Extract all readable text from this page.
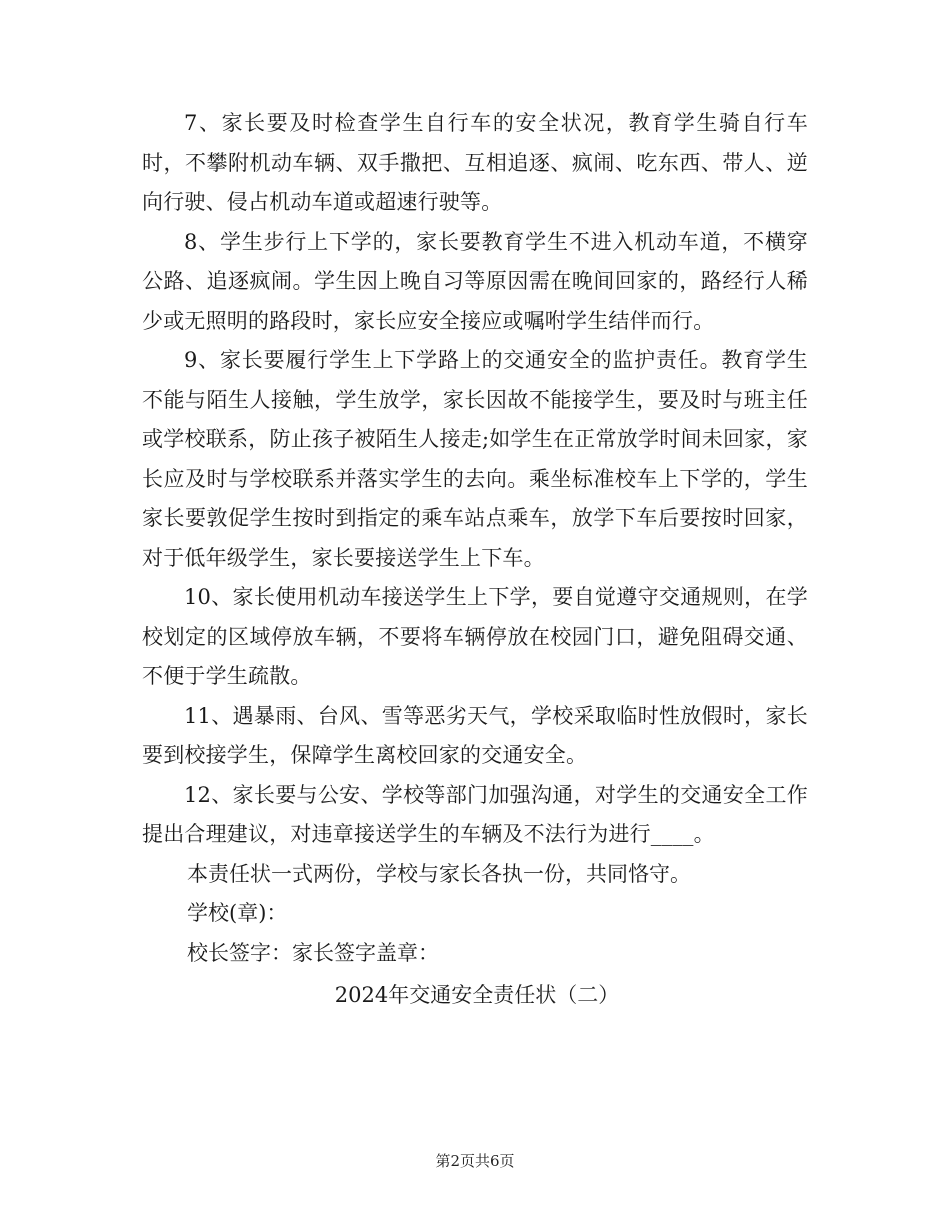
7、家长要及时检查学生自行车的安全状况，教育学生骑自行车时，不攀附机动车辆、双手撒把、互相追逐、疯闹、吃东西、带人、逆向行驶、侵占机动车道或超速行驶等。

8、学生步行上下学的，家长要教育学生不进入机动车道，不横穿公路、追逐疯闹。学生因上晚自习等原因需在晚间回家的，路经行人稀少或无照明的路段时，家长应安全接应或嘱咐学生结伴而行。

9、家长要履行学生上下学路上的交通安全的监护责任。教育学生不能与陌生人接触，学生放学，家长因故不能接学生，要及时与班主任或学校联系，防止孩子被陌生人接走;如学生在正常放学时间未回家，家长应及时与学校联系并落实学生的去向。乘坐标准校车上下学的，学生家长要敦促学生按时到指定的乘车站点乘车，放学下车后要按时回家，对于低年级学生，家长要接送学生上下车。

10、家长使用机动车接送学生上下学，要自觉遵守交通规则，在学校划定的区域停放车辆，不要将车辆停放在校园门口，避免阻碍交通、不便于学生疏散。

11、遇暴雨、台风、雪等恶劣天气，学校采取临时性放假时，家长要到校接学生，保障学生离校回家的交通安全。

12、家长要与公安、学校等部门加强沟通，对学生的交通安全工作提出合理建议，对违章接送学生的车辆及不法行为进行____。

本责任状一式两份，学校与家长各执一份，共同恪守。

学校(章)：

校长签字：家长签字盖章：

2024年交通安全责任状（二）

第2页共6页
